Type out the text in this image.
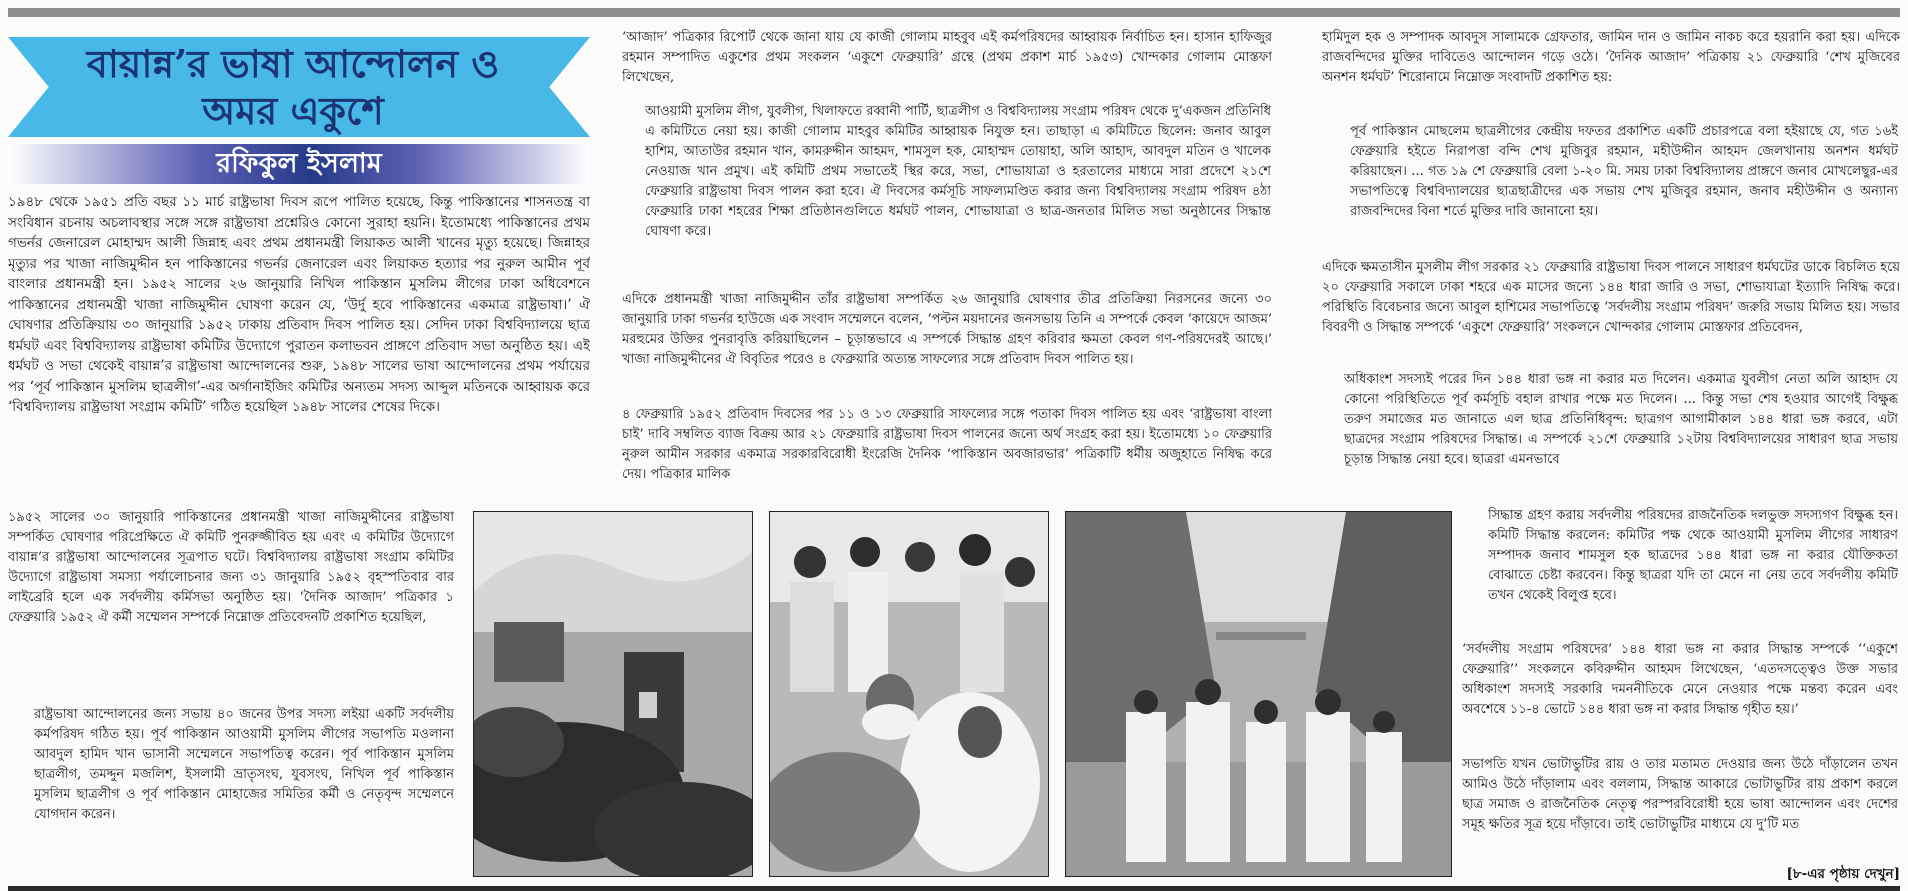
বায়ান্ন’র ভাষা আন্দোলন ও
অমর একুশে

রফিকুল ইসলাম

১৯৪৮ থেকে ১৯৫১ প্রতি বছর ১১ মার্চ রাষ্ট্রভাষা দিবস রূপে পালিত হয়েছে, কিন্তু পাকিস্তানের শাসনতন্ত্র বা সংবিধান রচনায় অচলাবস্থার সঙ্গে সঙ্গে রাষ্ট্রভাষা প্রশ্নেরিও কোনো সুরাহা হয়নি। ইতোমধ্যে পাকিস্তানের প্রথম গভর্নর জেনারেল মোহাম্মদ আলী জিন্নাহ এবং প্রথম প্রধানমন্ত্রী লিয়াকত আলী খানের মৃত্যু হয়েছে। জিন্নাহর মৃত্যুর পর খাজা নাজিমুদ্দীন হন পাকিস্তানের গভর্নর জেনারেল এবং লিয়াকত হত্যার পর নুরুল আমীন পূর্ব বাংলার প্রধানমন্ত্রী হন। ১৯৫২ সালের ২৬ জানুয়ারি নিখিল পাকিস্তান মুসলিম লীগের ঢাকা অধিবেশনে পাকিস্তানের প্রধানমন্ত্রী খাজা নাজিমুদ্দীন ঘোষণা করেন যে, ‘উর্দু হবে পাকিস্তানের একমাত্র রাষ্ট্রভাষা।’ ঐ ঘোষণার প্রতিক্রিয়ায় ৩০ জানুয়ারি ১৯৫২ ঢাকায় প্রতিবাদ দিবস পালিত হয়। সেদিন ঢাকা বিশ্ববিদ্যালয়ে ছাত্র ধর্মঘট এবং বিশ্ববিদ্যালয় রাষ্ট্রভাষা কমিটির উদ্যোগে পুরাতন কলাভবন প্রাঙ্গণে প্রতিবাদ সভা অনুষ্ঠিত হয়। এই ধর্মঘট ও সভা থেকেই বায়ান্ন’র রাষ্ট্রভাষা আন্দোলনের শুরু, ১৯৪৮ সালের ভাষা আন্দোলনের প্রথম পর্যায়ের পর ‘পূর্ব পাকিস্তান মুসলিম ছাত্রলীগ’-এর অর্গানাইজিং কমিটির অন্যতম সদস্য আব্দুল মতিনকে আহ্বায়ক করে ‘বিশ্ববিদ্যালয় রাষ্ট্রভাষা সংগ্রাম কমিটি’ গঠিত হয়েছিল ১৯৪৮ সালের শেষের দিকে।

১৯৫২ সালের ৩০ জানুয়ারি পাকিস্তানের প্রধানমন্ত্রী খাজা নাজিমুদ্দীনের রাষ্ট্রভাষা সম্পর্কিত ঘোষণার পরিপ্রেক্ষিতে ঐ কমিটি পুনরুজ্জীবিত হয় এবং এ কমিটির উদ্যোগে বায়ান্ন’র রাষ্ট্রভাষা আন্দোলনের সূত্রপাত ঘটে। বিশ্ববিদ্যালয় রাষ্ট্রভাষা সংগ্রাম কমিটির উদ্যোগে রাষ্ট্রভাষা সমস্যা পর্যালোচনার জন্য ৩১ জানুয়ারি ১৯৫২ বৃহস্পতিবার বার লাইব্রেরি হলে এক সর্বদলীয় কর্মিসভা অনুষ্ঠিত হয়। ‘দৈনিক আজাদ’ পত্রিকার ১ ফেব্রুয়ারি ১৯৫২ ঐ কর্মী সম্মেলন সম্পর্কে নিম্নোক্ত প্রতিবেদনটি প্রকাশিত হয়েছিল,

রাষ্ট্রভাষা আন্দোলনের জন্য সভায় ৪০ জনের উপর সদস্য লইয়া একটি সর্বদলীয় কর্মপরিষদ গঠিত হয়। পূর্ব পাকিস্তান আওয়ামী মুসলিম লীগের সভাপতি মওলানা আবদুল হামিদ খান ভাসানী সম্মেলনে সভাপতিত্ব করেন। পূর্ব পাকিস্তান মুসলিম ছাত্রলীগ, তমদ্দুন মজলিশ, ইসলামী ভ্রাতৃসংঘ, যুবসংঘ, নিখিল পূর্ব পাকিস্তান মুসলিম ছাত্রলীগ ও পূর্ব পাকিস্তান মোহাজের সমিতির কর্মী ও নেতৃবৃন্দ সম্মেলনে যোগদান করেন।

‘আজাদ’ পত্রিকার রিপোর্ট থেকে জানা যায় যে কাজী গোলাম মাহবুব এই কর্মপরিষদের আহ্বায়ক নির্বাচিত হন। হাসান হাফিজুর রহমান সম্পাদিত একুশের প্রথম সংকলন ‘একুশে ফেব্রুয়ারি’ গ্রন্থে (প্রথম প্রকাশ মার্চ ১৯৫৩) খোন্দকার গোলাম মোস্তফা লিখেছেন,

আওয়ামী মুসলিম লীগ, যুবলীগ, খিলাফতে রব্বানী পার্টি, ছাত্রলীগ ও বিশ্ববিদ্যালয় সংগ্রাম পরিষদ থেকে দু’একজন প্রতিনিধি এ কমিটিতে নেয়া হয়। কাজী গোলাম মাহবুব কমিটির আহ্বায়ক নিযুক্ত হন। তাছাড়া এ কমিটিতে ছিলেন: জনাব আবুল হাশিম, আতাউর রহমান খান, কামরুদ্দীন আহমদ, শামসুল হক, মোহাম্মদ তোয়াহা, অলি আহাদ, আবদুল মতিন ও খালেক নেওয়াজ খান প্রমুখ। এই কমিটি প্রথম সভাতেই স্থির করে, সভা, শোভাযাত্রা ও হরতালের মাধ্যমে সারা প্রদেশে ২১শে ফেব্রুয়ারি রাষ্ট্রভাষা দিবস পালন করা হবে। ঐ দিবসের কর্মসূচি সাফল্যমণ্ডিত করার জন্য বিশ্ববিদ্যালয় সংগ্রাম পরিষদ ৪ঠা ফেব্রুয়ারি ঢাকা শহরের শিক্ষা প্রতিষ্ঠানগুলিতে ধর্মঘট পালন, শোভাযাত্রা ও ছাত্র-জনতার মিলিত সভা অনুষ্ঠানের সিদ্ধান্ত ঘোষণা করে।

এদিকে প্রধানমন্ত্রী খাজা নাজিমুদ্দীন তাঁর রাষ্ট্রভাষা সম্পর্কিত ২৬ জানুয়ারি ঘোষণার তীব্র প্রতিক্রিয়া নিরসনের জন্যে ৩০ জানুয়ারি ঢাকা গভর্নর হাউজে এক সংবাদ সম্মেলনে বলেন, ‘পল্টন ময়দানের জনসভায় তিনি এ সম্পর্কে কেবল ‘কায়েদে আজম’ মরহুমের উক্তির পুনরাবৃত্তি করিয়াছিলেন – চূড়ান্তভাবে এ সম্পর্কে সিদ্ধান্ত গ্রহণ করিবার ক্ষমতা কেবল গণ-পরিষদেরই আছে।’ খাজা নাজিমুদ্দীনের ঐ বিবৃতির পরেও ৪ ফেব্রুয়ারি অত্যন্ত সাফল্যের সঙ্গে প্রতিবাদ দিবস পালিত হয়।

৪ ফেব্রুয়ারি ১৯৫২ প্রতিবাদ দিবসের পর ১১ ও ১৩ ফেব্রুয়ারি সাফল্যের সঙ্গে পতাকা দিবস পালিত হয় এবং ‘রাষ্ট্রভাষা বাংলা চাই’ দাবি সম্বলিত ব্যাজ বিক্রয় আর ২১ ফেব্রুয়ারি রাষ্ট্রভাষা দিবস পালনের জন্যে অর্থ সংগ্রহ করা হয়। ইতোমধ্যে ১০ ফেব্রুয়ারি নুরুল আমীন সরকার একমাত্র সরকারবিরোধী ইংরেজি দৈনিক ‘পাকিস্তান অবজারভার’ পত্রিকাটি ধর্মীয় অজুহাতে নিষিদ্ধ করে দেয়। পত্রিকার মালিক

হামিদুল হক ও সম্পাদক আবদুস সালামকে গ্রেফতার, জামিন দান ও জামিন নাকচ করে হয়রানি করা হয়। এদিকে রাজবন্দিদের মুক্তির দাবিতেও আন্দোলন গড়ে ওঠে। ‘দৈনিক আজাদ’ পত্রিকায় ২১ ফেব্রুয়ারি ‘শেখ মুজিবের অনশন ধর্মঘট’ শিরোনামে নিম্নোক্ত সংবাদটি প্রকাশিত হয়:

পূর্ব পাকিস্তান মোছলেম ছাত্রলীগের কেন্দ্রীয় দফতর প্রকাশিত একটি প্রচারপত্রে বলা হইয়াছে যে, গত ১৬ই ফেব্রুয়ারি হইতে নিরাপত্তা বন্দি শেখ মুজিবুর রহমান, মহীউদ্দীন আহমদ জেলখানায় অনশন ধর্মঘট করিয়াছেন। ... গত ১৯ শে ফেব্রুয়ারি বেলা ১-২০ মি. সময় ঢাকা বিশ্ববিদ্যালয় প্রাঙ্গণে জনাব মোখলেছুর-এর সভাপতিত্বে বিশ্ববিদ্যালয়ের ছাত্রছাত্রীদের এক সভায় শেখ মুজিবুর রহমান, জনাব মহীউদ্দীন ও অন্যান্য রাজবন্দিদের বিনা শর্তে মুক্তির দাবি জানানো হয়।

এদিকে ক্ষমতাসীন মুসলীম লীগ সরকার ২১ ফেব্রুয়ারি রাষ্ট্রভাষা দিবস পালনে সাধারণ ধর্মঘটের ডাকে বিচলিত হয়ে ২০ ফেব্রুয়ারি সকালে ঢাকা শহরে এক মাসের জন্যে ১৪৪ ধারা জারি ও সভা, শোভাযাত্রা ইত্যাদি নিষিদ্ধ করে। পরিস্থিতি বিবেচনার জন্যে আবুল হাশিমের সভাপতিত্বে ‘সর্বদলীয় সংগ্রাম পরিষদ’ জরুরি সভায় মিলিত হয়। সভার বিবরণী ও সিদ্ধান্ত সম্পর্কে ‘একুশে ফেব্রুয়ারি’ সংকলনে খোন্দকার গোলাম মোস্তফার প্রতিবেদন,

অধিকাংশ সদস্যই পরের দিন ১৪৪ ধারা ভঙ্গ না করার মত দিলেন। একমাত্র যুবলীগ নেতা অলি আহাদ যে কোনো পরিস্থিতিতে পূর্ব কর্মসূচি বহাল রাখার পক্ষে মত দিলেন। ... কিন্তু সভা শেষ হওয়ার আগেই বিক্ষুব্ধ তরুণ সমাজের মত জানাতে এল ছাত্র প্রতিনিধিবৃন্দ: ছাত্রগণ আগামীকাল ১৪৪ ধারা ভঙ্গ করবে, এটা ছাত্রদের সংগ্রাম পরিষদের সিদ্ধান্ত। এ সম্পর্কে ২১শে ফেব্রুয়ারি ১২টায় বিশ্ববিদ্যালয়ের সাধারণ ছাত্র সভায় চূড়ান্ত সিদ্ধান্ত নেয়া হবে। ছাত্ররা এমনভাবে

সিদ্ধান্ত গ্রহণ করায় সর্বদলীয় পরিষদের রাজনৈতিক দলভুক্ত সদস্যগণ বিক্ষুব্ধ হন। কমিটি সিদ্ধান্ত করলেন: কমিটির পক্ষ থেকে আওয়ামী মুসলিম লীগের সাধারণ সম্পাদক জনাব শামসুল হক ছাত্রদের ১৪৪ ধারা ভঙ্গ না করার যৌক্তিকতা বোঝাতে চেষ্টা করবেন। কিন্তু ছাত্ররা যদি তা মেনে না নেয় তবে সর্বদলীয় কমিটি তখন থেকেই বিলুপ্ত হবে।

‘সর্বদলীয় সংগ্রাম পরিষদের’ ১৪৪ ধারা ভঙ্গ না করার সিদ্ধান্ত সম্পর্কে ‘‘একুশে ফেব্রুয়ারি’’ সংকলনে কবিরুদ্দীন আহমদ লিখেছেন, ‘এতদসত্ত্বেও উক্ত সভার অধিকাংশ সদস্যই সরকারি দমননীতিকে মেনে নেওয়ার পক্ষে মন্তব্য করেন এবং অবশেষে ১১-৪ ভোটে ১৪৪ ধারা ভঙ্গ না করার সিদ্ধান্ত গৃহীত হয়।’

সভাপতি যখন ভোটাভুটির রায় ও তার মতামত দেওয়ার জন্য উঠে দাঁড়ালেন তখন আমিও উঠে দাঁড়ালাম এবং বললাম, সিদ্ধান্ত আকারে ভোটাভুটির রায় প্রকাশ করলে ছাত্র সমাজ ও রাজনৈতিক নেতৃত্ব পরস্পরবিরোধী হয়ে ভাষা আন্দোলন এবং দেশের সমূহ ক্ষতির সূত্র হয়ে দাঁড়াবে। তাই ভোটাভুটির মাধ্যমে যে দু’টি মত

[৮-এর পৃষ্ঠায় দেখুন]
